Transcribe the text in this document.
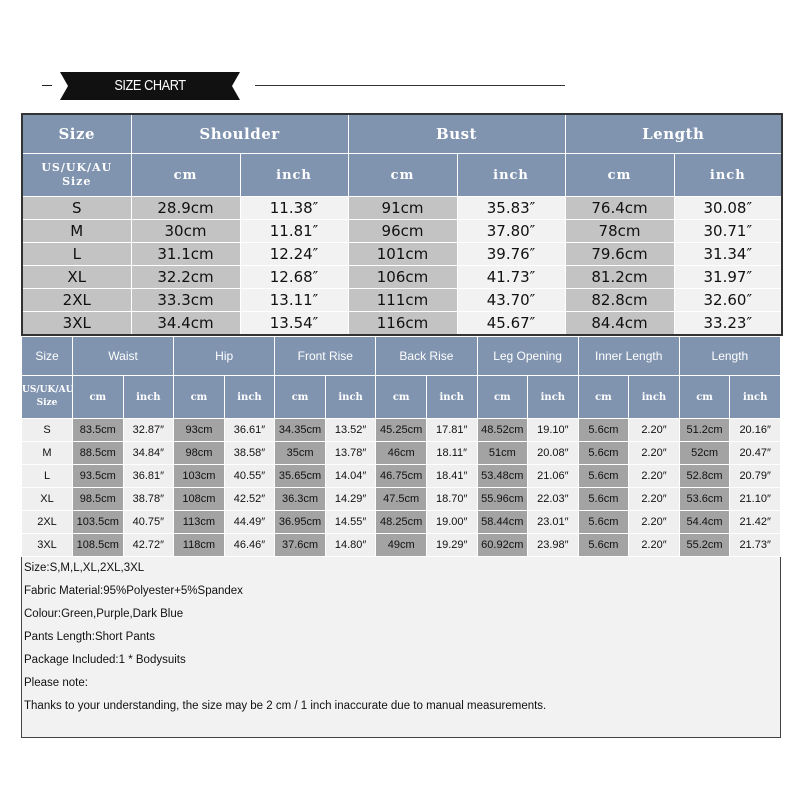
SIZE CHART
Size	Shoulder		Bust		Length	
US/UK/AU
Size	cm	inch	cm	inch	cm	inch
S	28.9cm	11.38″	91cm	35.83″	76.4cm	30.08″
M	30cm	11.81″	96cm	37.80″	78cm	30.71″
L	31.1cm	12.24″	101cm	39.76″	79.6cm	31.34″
XL	32.2cm	12.68″	106cm	41.73″	81.2cm	31.97″
2XL	33.3cm	13.11″	111cm	43.70″	82.8cm	32.60″
3XL	34.4cm	13.54″	116cm	45.67″	84.4cm	33.23″
Size	Waist		Hip		Front Rise		Back Rise		Leg Opening		Inner Length		Length	
US/UK/AU
Size	cm	inch	cm	inch	cm	inch	cm	inch	cm	inch	cm	inch	cm	inch
S	83.5cm	32.87″	93cm	36.61″	34.35cm	13.52″	45.25cm	17.81″	48.52cm	19.10″	5.6cm	2.20″	51.2cm	20.16″
M	88.5cm	34.84″	98cm	38.58″	35cm	13.78″	46cm	18.11″	51cm	20.08″	5.6cm	2.20″	52cm	20.47″
L	93.5cm	36.81″	103cm	40.55″	35.65cm	14.04″	46.75cm	18.41″	53.48cm	21.06″	5.6cm	2.20″	52.8cm	20.79″
XL	98.5cm	38.78″	108cm	42.52″	36.3cm	14.29″	47.5cm	18.70″	55.96cm	22.03″	5.6cm	2.20″	53.6cm	21.10″
2XL	103.5cm	40.75″	113cm	44.49″	36.95cm	14.55″	48.25cm	19.00″	58.44cm	23.01″	5.6cm	2.20″	54.4cm	21.42″
3XL	108.5cm	42.72″	118cm	46.46″	37.6cm	14.80″	49cm	19.29″	60.92cm	23.98″	5.6cm	2.20″	55.2cm	21.73″
Size:S,M,L,XL,2XL,3XL
Fabric Material:95%Polyester+5%Spandex
Colour:Green,Purple,Dark Blue
Pants Length:Short Pants
Package Included:1 * Bodysuits
Please note:
Thanks to your understanding, the size may be 2 cm / 1 inch inaccurate due to manual measurements.
